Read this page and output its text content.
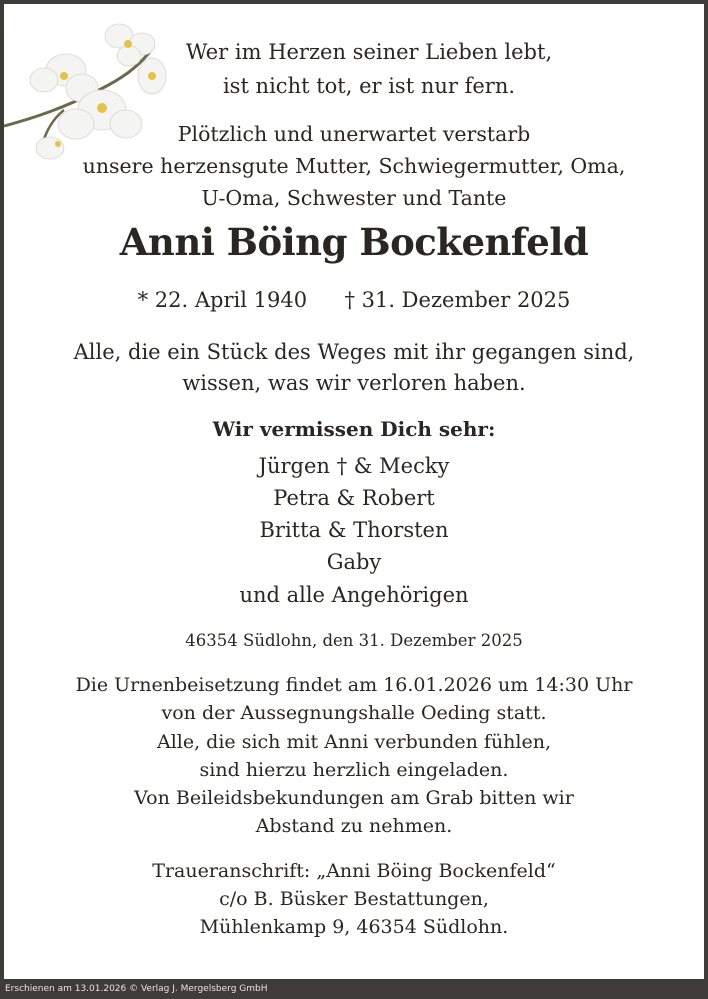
Wer im Herzen seiner Lieben lebt,
ist nicht tot, er ist nur fern.
Plötzlich und unerwartet verstarb
unsere herzensgute Mutter, Schwiegermutter, Oma,
U-Oma, Schwester und Tante
Anni Böing Bockenfeld
* 22. April 1940 † 31. Dezember 2025
Alle, die ein Stück des Weges mit ihr gegangen sind,
wissen, was wir verloren haben.
Wir vermissen Dich sehr:
Jürgen † & Mecky
Petra & Robert
Britta & Thorsten
Gaby
und alle Angehörigen
46354 Südlohn, den 31. Dezember 2025
Die Urnenbeisetzung findet am 16.01.2026 um 14:30 Uhr
von der Aussegnungshalle Oeding statt.
Alle, die sich mit Anni verbunden fühlen,
sind hierzu herzlich eingeladen.
Von Beileidsbekundungen am Grab bitten wir
Abstand zu nehmen.
Traueranschrift: „Anni Böing Bockenfeld“
c/o B. Büsker Bestattungen,
Mühlenkamp 9, 46354 Südlohn.
Erschienen am 13.01.2026 © Verlag J. Mergelsberg GmbH
